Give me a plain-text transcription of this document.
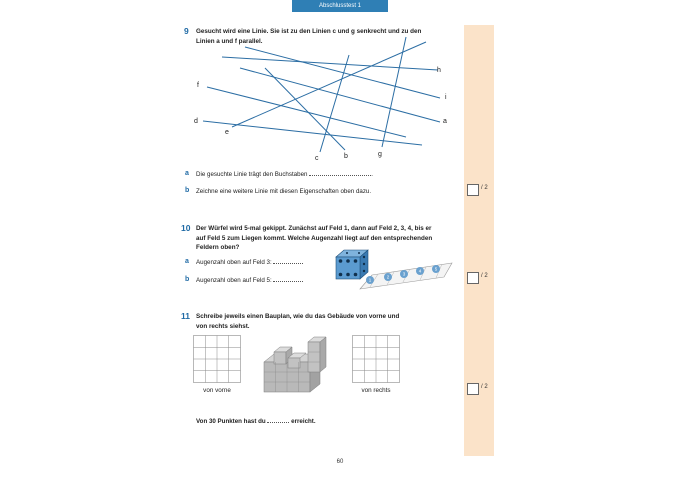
Abschlusstest 1
9 Gesucht wird eine Linie. Sie ist zu den Linien c und g senkrecht und zu den
Linien a und f parallel.
h
i
a
f
d
e
c	b	g
a Die gesuchte Linie trägt den Buchstaben	.
b Zeichne eine weitere Linie mit diesen Eigenschaften oben dazu.	/ 2
10 Der Würfel wird 5-mal gekippt. Zunächst auf Feld 1, dann auf Feld 2, 3, 4, bis er
auf Feld 5 zum Liegen kommt. Welche Augenzahl liegt auf den entsprechenden
Feldern oben?
a Augenzahl oben auf Feld 3:
b Augenzahl oben auf Feld 5:	1
2
3
4	5
/ 2
11 Schreibe jeweils einen Bauplan, wie du das Gebäude von vorne und
von rechts siehst.
von vorne	von rechts	/ 2
Von 30 Punkten hast du	erreicht.
60
